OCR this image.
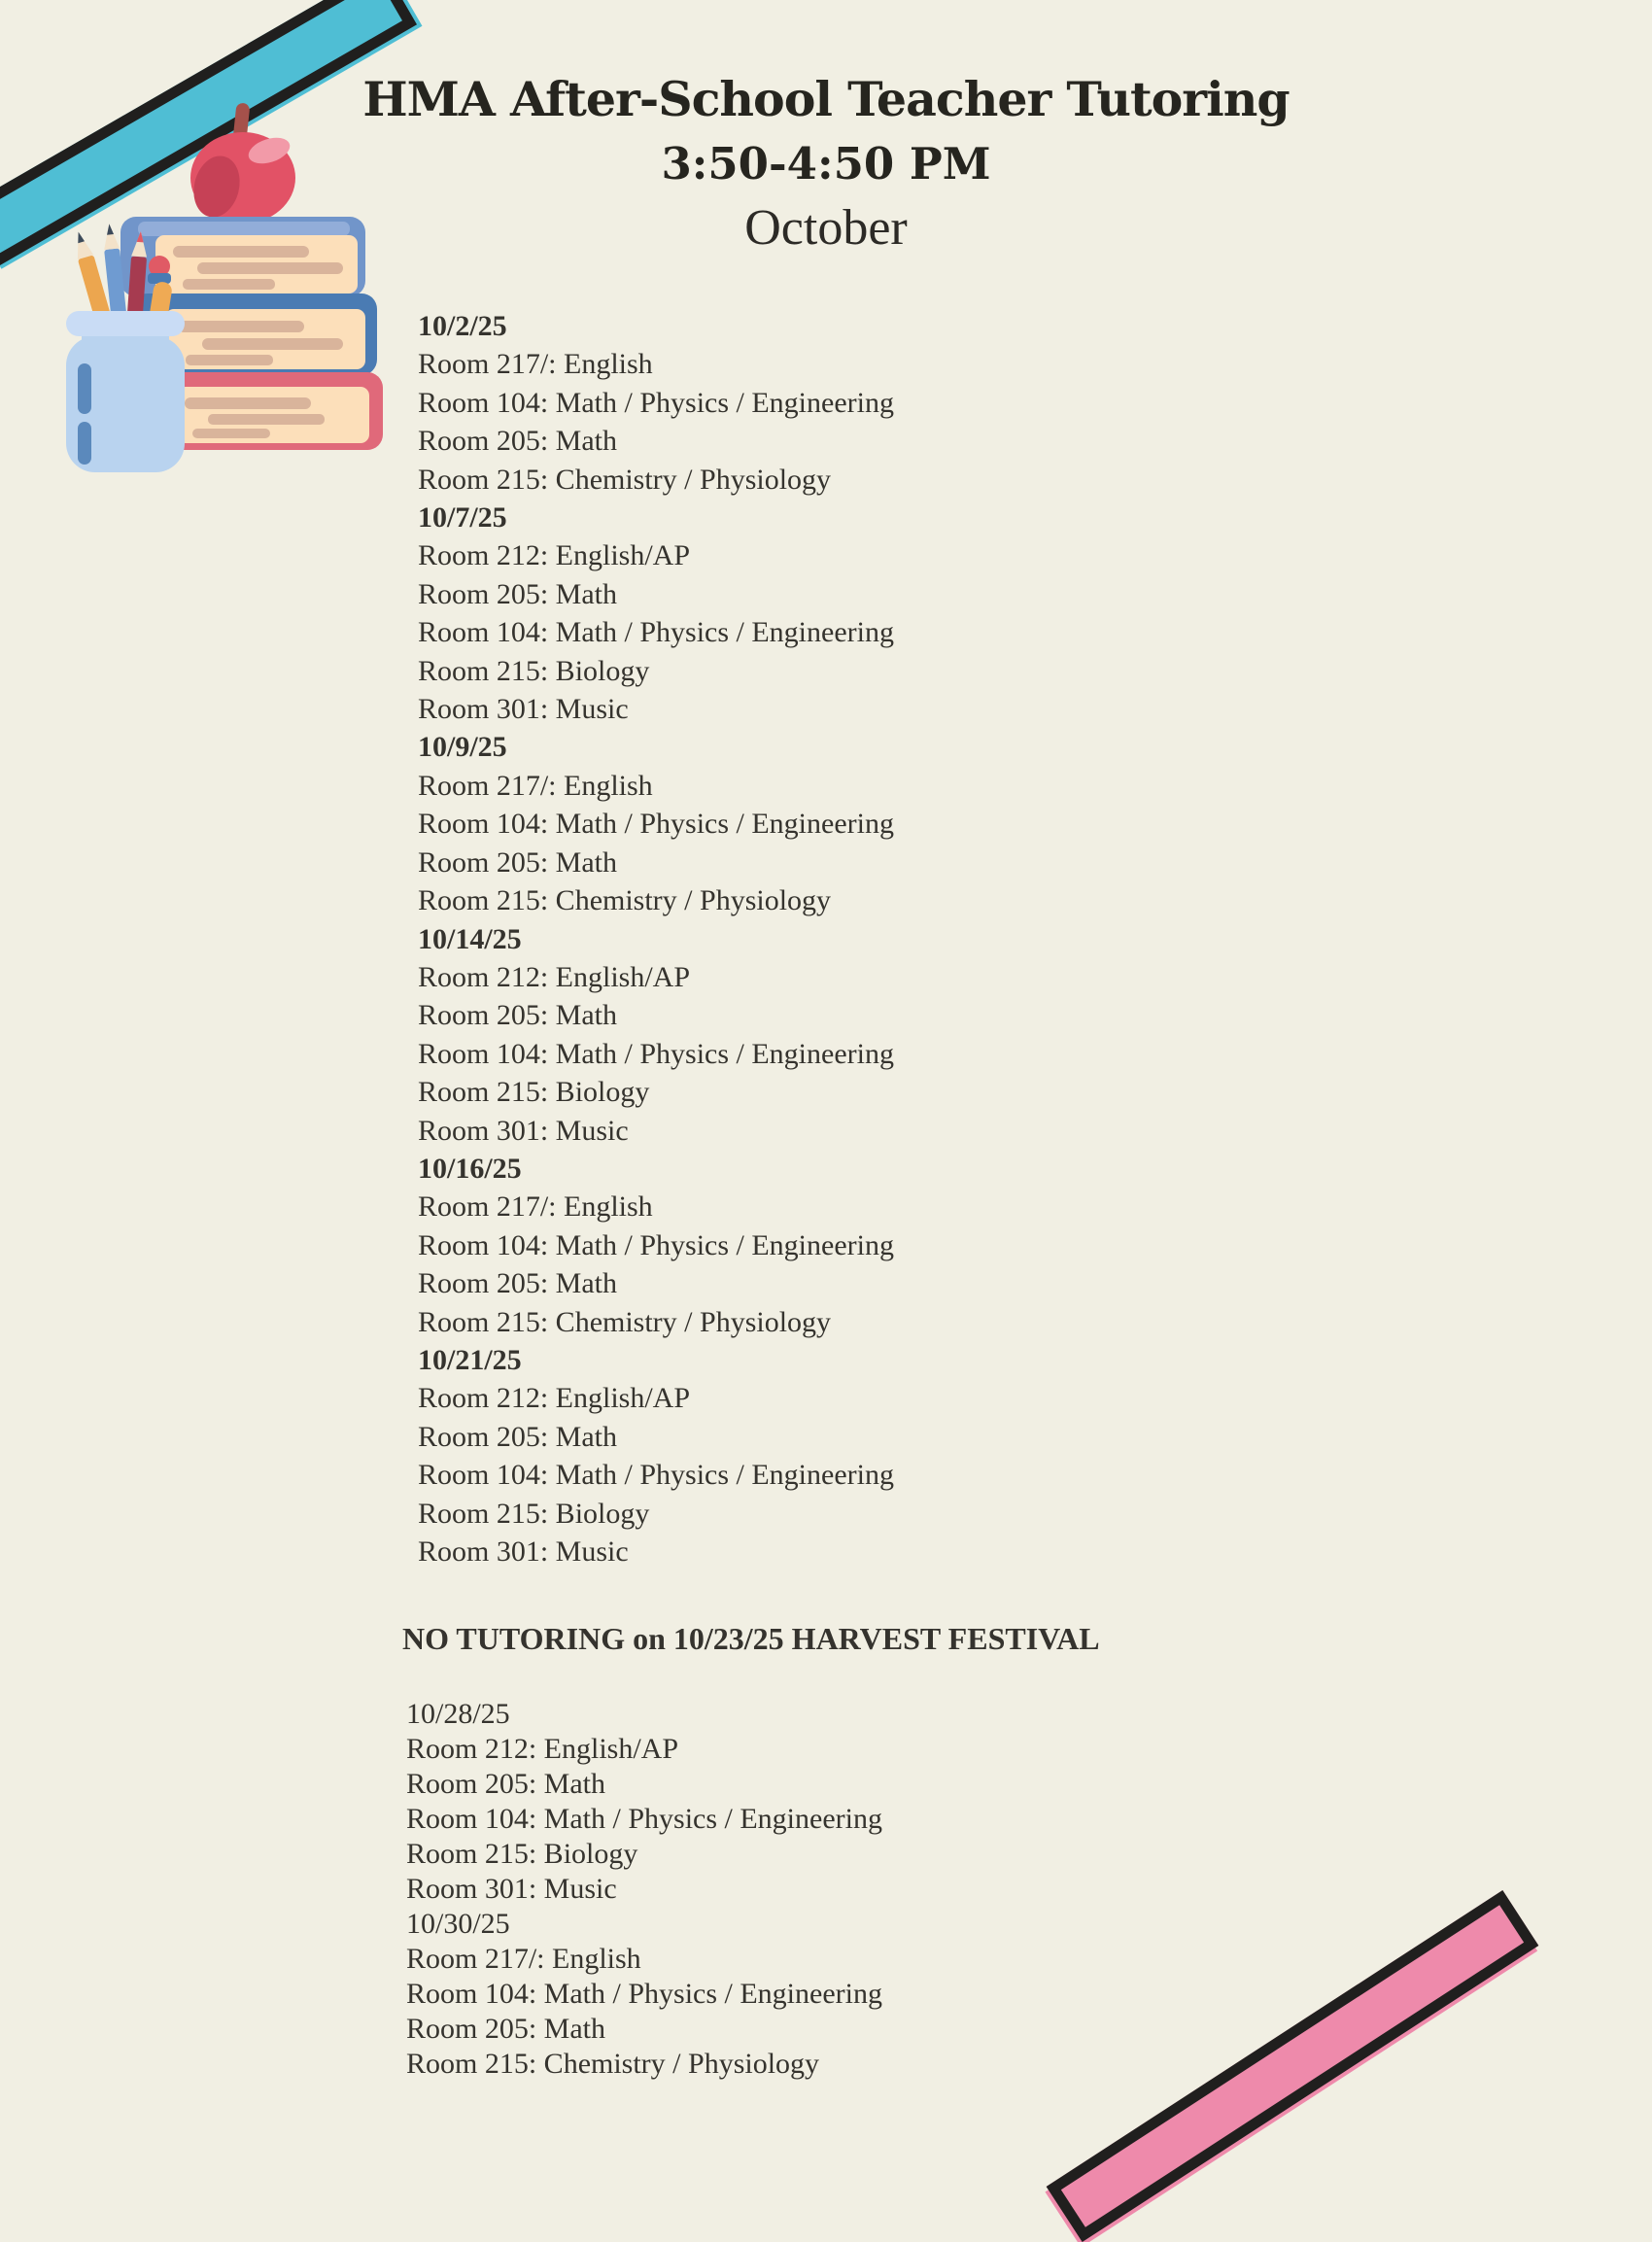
HMA After-School Teacher Tutoring
3:50-4:50 PM
October
10/2/25
Room 217/: English
Room 104: Math / Physics / Engineering
Room 205: Math
Room 215: Chemistry / Physiology
10/7/25
Room 212: English/AP
Room 205: Math
Room 104: Math / Physics / Engineering
Room 215: Biology
Room 301: Music
10/9/25
Room 217/: English
Room 104: Math / Physics / Engineering
Room 205: Math
Room 215: Chemistry / Physiology
10/14/25
Room 212: English/AP
Room 205: Math
Room 104: Math / Physics / Engineering
Room 215: Biology
Room 301: Music
10/16/25
Room 217/: English
Room 104: Math / Physics / Engineering
Room 205: Math
Room 215: Chemistry / Physiology
10/21/25
Room 212: English/AP
Room 205: Math
Room 104: Math / Physics / Engineering
Room 215: Biology
Room 301: Music
NO TUTORING on 10/23/25 HARVEST FESTIVAL
10/28/25
Room 212: English/AP
Room 205: Math
Room 104: Math / Physics / Engineering
Room 215: Biology
Room 301: Music
10/30/25
Room 217/: English
Room 104: Math / Physics / Engineering
Room 205: Math
Room 215: Chemistry / Physiology
